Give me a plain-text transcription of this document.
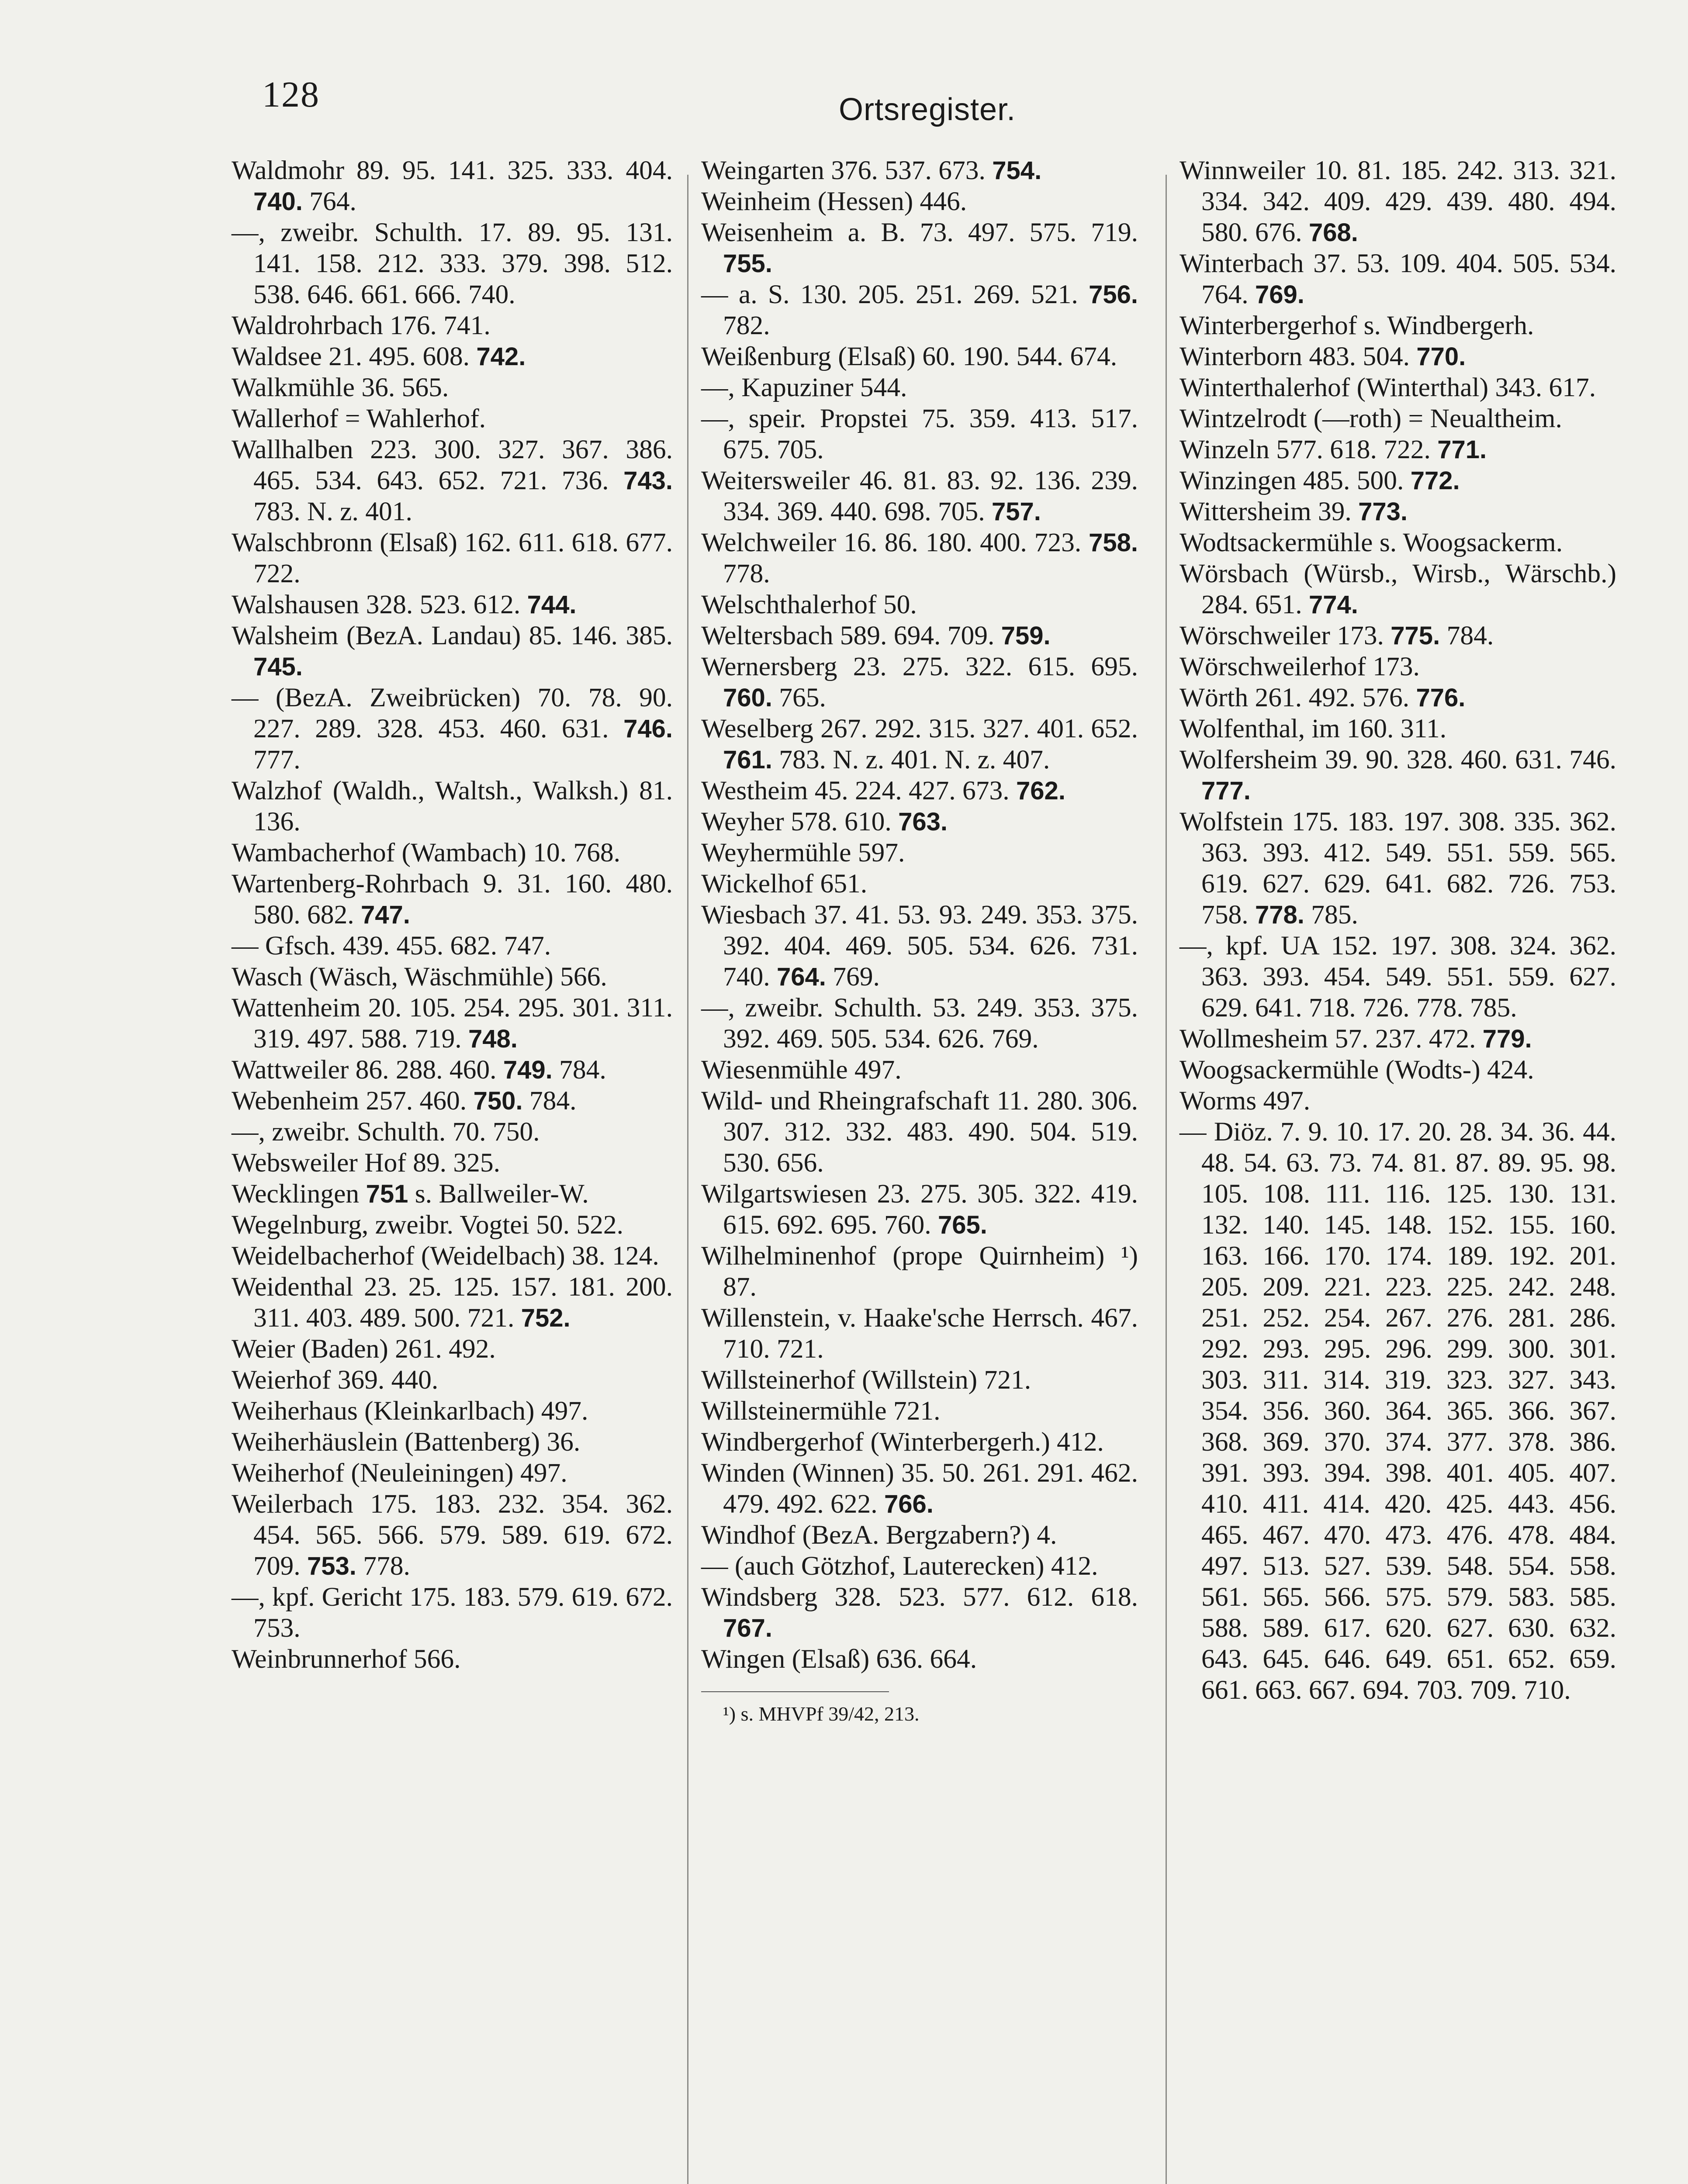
128	Ortsregister.
Waldmohr 89. 95. 141. 325. 333. 404. 740. 764.
—, zweibr. Schulth. 17. 89. 95. 131. 141. 158. 212. 333. 379. 398. 512. 538. 646. 661. 666. 740.
Waldrohrbach 176. 741.
Waldsee 21. 495. 608. 742.
Walkmühle 36. 565.
Wallerhof = Wahlerhof.
Wallhalben 223. 300. 327. 367. 386. 465. 534. 643. 652. 721. 736. 743. 783. N. z. 401.
Walschbronn (Elsaß) 162. 611. 618. 677. 722.
Walshausen 328. 523. 612. 744.
Walsheim (BezA. Landau) 85. 146. 385. 745.
— (BezA. Zweibrücken) 70. 78. 90. 227. 289. 328. 453. 460. 631. 746. 777.
Walzhof (Waldh., Waltsh., Walksh.) 81. 136.
Wambacherhof (Wambach) 10. 768.
Wartenberg-Rohrbach 9. 31. 160. 480. 580. 682. 747.
— Gfsch. 439. 455. 682. 747.
Wasch (Wäsch, Wäschmühle) 566.
Wattenheim 20. 105. 254. 295. 301. 311. 319. 497. 588. 719. 748.
Wattweiler 86. 288. 460. 749. 784.
Webenheim 257. 460. 750. 784.
—, zweibr. Schulth. 70. 750.
Websweiler Hof 89. 325.
Wecklingen 751 s. Ballweiler-W.
Wegelnburg, zweibr. Vogtei 50. 522.
Weidelbacherhof (Weidelbach) 38. 124.
Weidenthal 23. 25. 125. 157. 181. 200. 311. 403. 489. 500. 721. 752.
Weier (Baden) 261. 492.
Weierhof 369. 440.
Weiherhaus (Kleinkarlbach) 497.
Weiherhäuslein (Battenberg) 36.
Weiherhof (Neuleiningen) 497.
Weilerbach 175. 183. 232. 354. 362. 454. 565. 566. 579. 589. 619. 672. 709. 753. 778.
—, kpf. Gericht 175. 183. 579. 619. 672. 753.
Weinbrunnerhof 566.
Weingarten 376. 537. 673. 754.
Weinheim (Hessen) 446.
Weisenheim a. B. 73. 497. 575. 719. 755.
— a. S. 130. 205. 251. 269. 521. 756. 782.
Weißenburg (Elsaß) 60. 190. 544. 674.
—, Kapuziner 544.
—, speir. Propstei 75. 359. 413. 517. 675. 705.
Weitersweiler 46. 81. 83. 92. 136. 239. 334. 369. 440. 698. 705. 757.
Welchweiler 16. 86. 180. 400. 723. 758. 778.
Welschthalerhof 50.
Weltersbach 589. 694. 709. 759.
Wernersberg 23. 275. 322. 615. 695. 760. 765.
Weselberg 267. 292. 315. 327. 401. 652. 761. 783. N. z. 401. N. z. 407.
Westheim 45. 224. 427. 673. 762.
Weyher 578. 610. 763.
Weyhermühle 597.
Wickelhof 651.
Wiesbach 37. 41. 53. 93. 249. 353. 375. 392. 404. 469. 505. 534. 626. 731. 740. 764. 769.
—, zweibr. Schulth. 53. 249. 353. 375. 392. 469. 505. 534. 626. 769.
Wiesenmühle 497.
Wild- und Rheingrafschaft 11. 280. 306. 307. 312. 332. 483. 490. 504. 519. 530. 656.
Wilgartswiesen 23. 275. 305. 322. 419. 615. 692. 695. 760. 765.
Wilhelminenhof (prope Quirnheim) ¹) 87.
Willenstein, v. Haake'sche Herrsch. 467. 710. 721.
Willsteinerhof (Willstein) 721.
Willsteinermühle 721.
Windbergerhof (Winterbergerh.) 412.
Winden (Winnen) 35. 50. 261. 291. 462. 479. 492. 622. 766.
Windhof (BezA. Bergzabern?) 4.
— (auch Götzhof, Lauterecken) 412.
Windsberg 328. 523. 577. 612. 618. 767.
Wingen (Elsaß) 636. 664.
¹) s. MHVPf 39/42, 213.
Winnweiler 10. 81. 185. 242. 313. 321. 334. 342. 409. 429. 439. 480. 494. 580. 676. 768.
Winterbach 37. 53. 109. 404. 505. 534. 764. 769.
Winterbergerhof s. Windbergerh.
Winterborn 483. 504. 770.
Winterthalerhof (Winterthal) 343. 617.
Wintzelrodt (—roth) = Neualtheim.
Winzeln 577. 618. 722. 771.
Winzingen 485. 500. 772.
Wittersheim 39. 773.
Wodtsackermühle s. Woogsackerm.
Wörsbach (Würsb., Wirsb., Wärschb.) 284. 651. 774.
Wörschweiler 173. 775. 784.
Wörschweilerhof 173.
Wörth 261. 492. 576. 776.
Wolfenthal, im 160. 311.
Wolfersheim 39. 90. 328. 460. 631. 746. 777.
Wolfstein 175. 183. 197. 308. 335. 362. 363. 393. 412. 549. 551. 559. 565. 619. 627. 629. 641. 682. 726. 753. 758. 778. 785.
—, kpf. UA 152. 197. 308. 324. 362. 363. 393. 454. 549. 551. 559. 627. 629. 641. 718. 726. 778. 785.
Wollmesheim 57. 237. 472. 779.
Woogsackermühle (Wodts-) 424.
Worms 497.
— Diöz. 7. 9. 10. 17. 20. 28. 34. 36. 44. 48. 54. 63. 73. 74. 81. 87. 89. 95. 98. 105. 108. 111. 116. 125. 130. 131. 132. 140. 145. 148. 152. 155. 160. 163. 166. 170. 174. 189. 192. 201. 205. 209. 221. 223. 225. 242. 248. 251. 252. 254. 267. 276. 281. 286. 292. 293. 295. 296. 299. 300. 301. 303. 311. 314. 319. 323. 327. 343. 354. 356. 360. 364. 365. 366. 367. 368. 369. 370. 374. 377. 378. 386. 391. 393. 394. 398. 401. 405. 407. 410. 411. 414. 420. 425. 443. 456. 465. 467. 470. 473. 476. 478. 484. 497. 513. 527. 539. 548. 554. 558. 561. 565. 566. 575. 579. 583. 585. 588. 589. 617. 620. 627. 630. 632. 643. 645. 646. 649. 651. 652. 659. 661. 663. 667. 694. 703. 709. 710.
